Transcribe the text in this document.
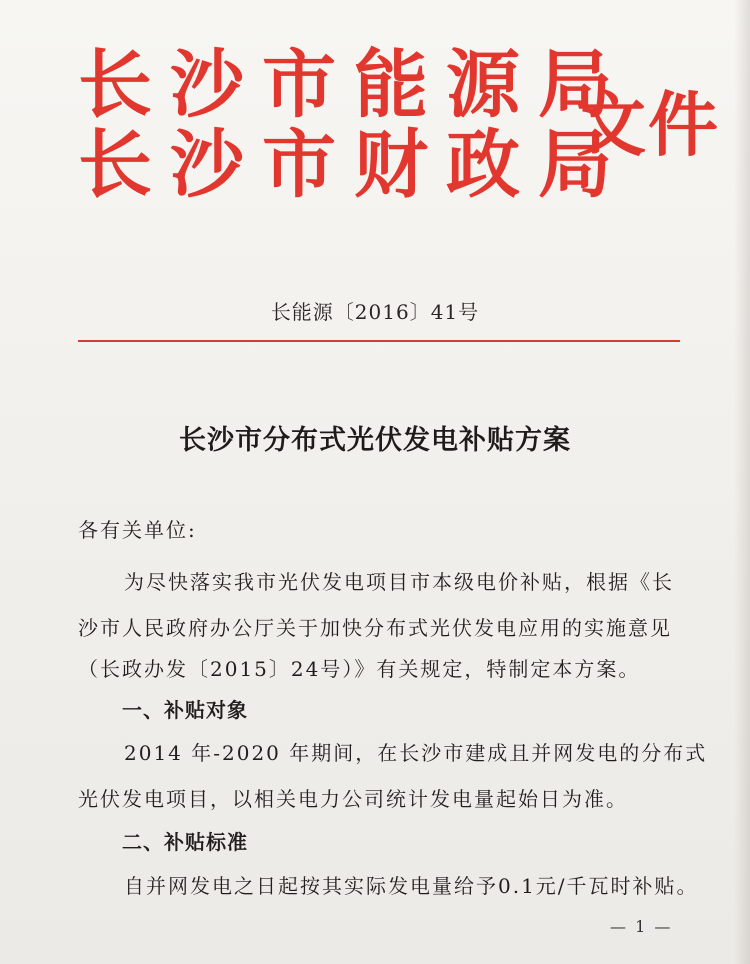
长沙市能源局
长沙市财政局
文件
长能源〔2016〕41号
长沙市分布式光伏发电补贴方案
各有关单位:
为尽快落实我市光伏发电项目市本级电价补贴，根据《长
沙市人民政府办公厅关于加快分布式光伏发电应用的实施意见
（长政办发〔2015〕24号）》有关规定，特制定本方案。
一、补贴对象
2014 年-2020 年期间，在长沙市建成且并网发电的分布式
光伏发电项目，以相关电力公司统计发电量起始日为准。
二、补贴标准
自并网发电之日起按其实际发电量给予0.1元/千瓦时补贴。
— 1 —
